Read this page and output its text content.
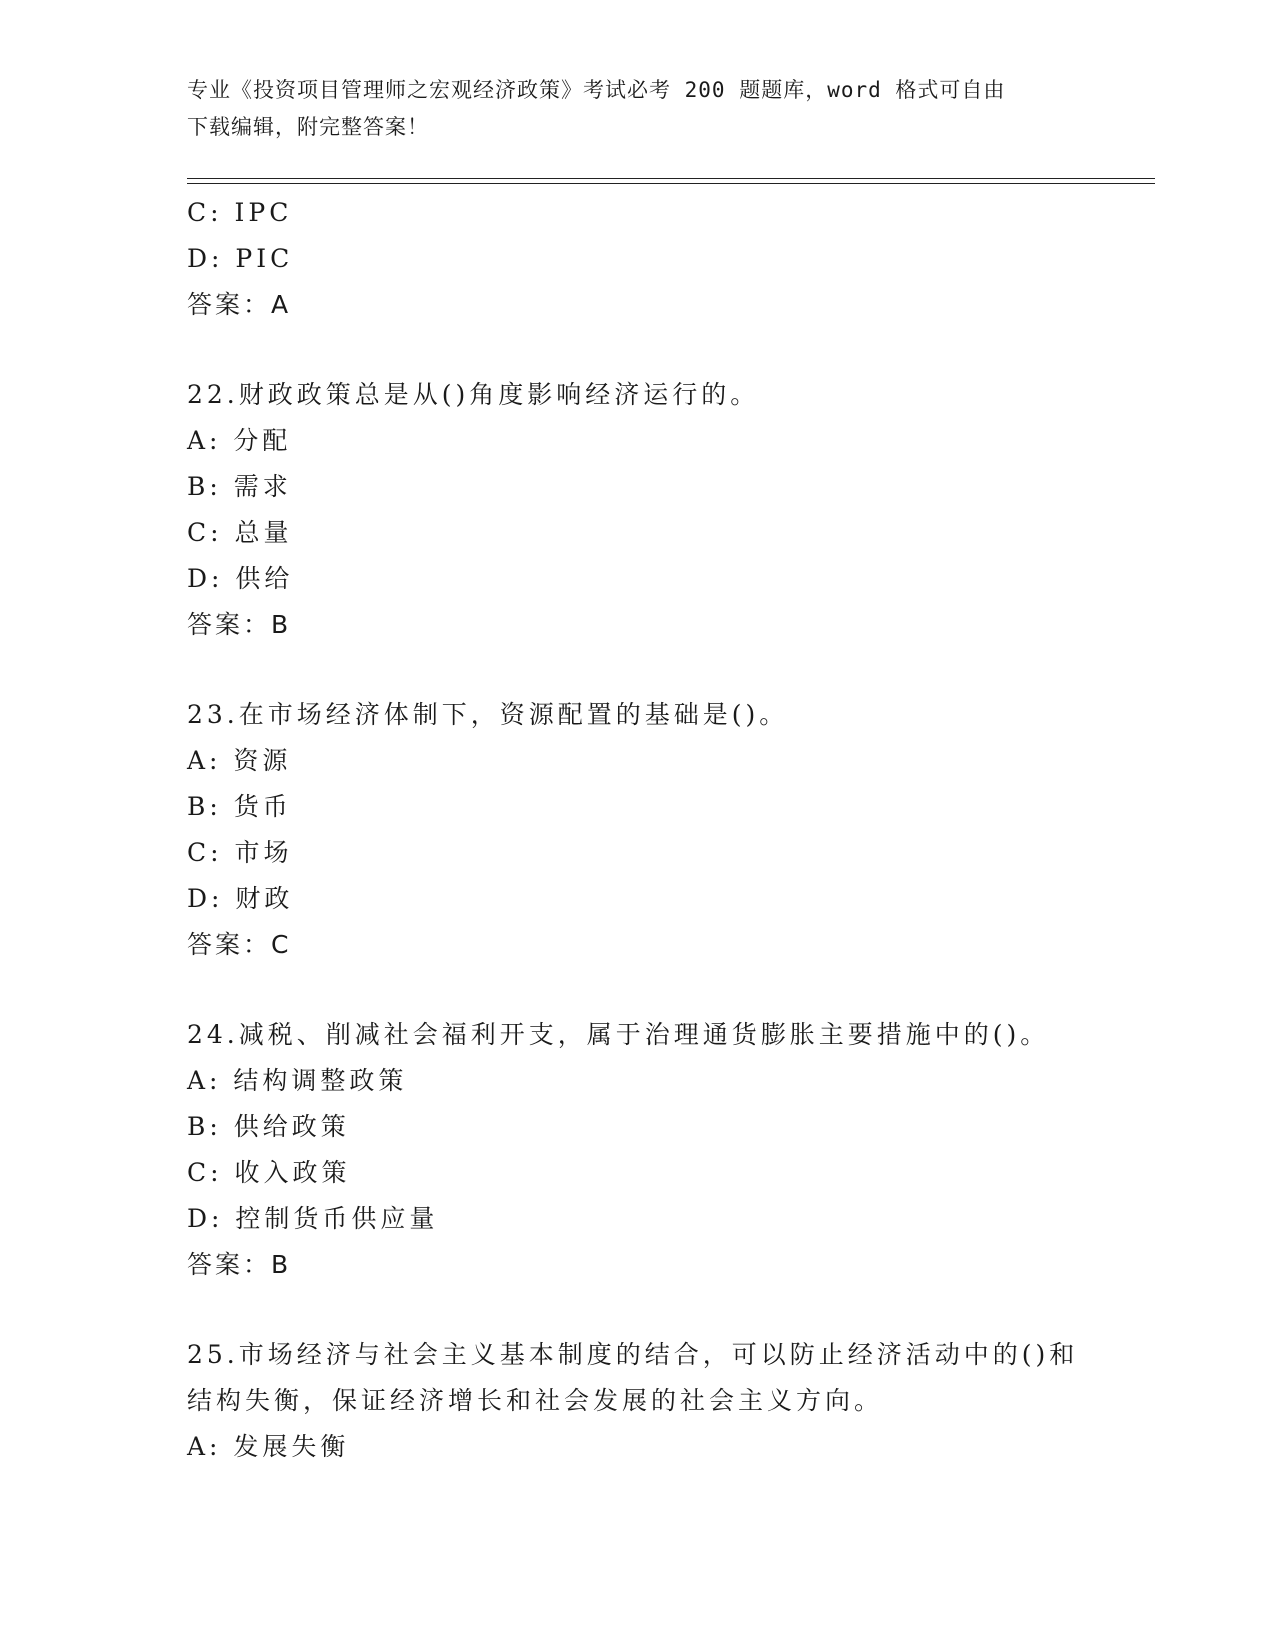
专业《投资项目管理师之宏观经济政策》考试必考 200 题题库，word 格式可自由
下载编辑，附完整答案！
C: IPC
D: PIC
答案：A
22.财政政策总是从()角度影响经济运行的。
A: 分配
B: 需求
C: 总量
D: 供给
答案：B
23.在市场经济体制下，资源配置的基础是()。
A: 资源
B: 货币
C: 市场
D: 财政
答案：C
24.减税、削减社会福利开支，属于治理通货膨胀主要措施中的()。
A: 结构调整政策
B: 供给政策
C: 收入政策
D: 控制货币供应量
答案：B
25.市场经济与社会主义基本制度的结合，可以防止经济活动中的()和
结构失衡，保证经济增长和社会发展的社会主义方向。
A: 发展失衡
